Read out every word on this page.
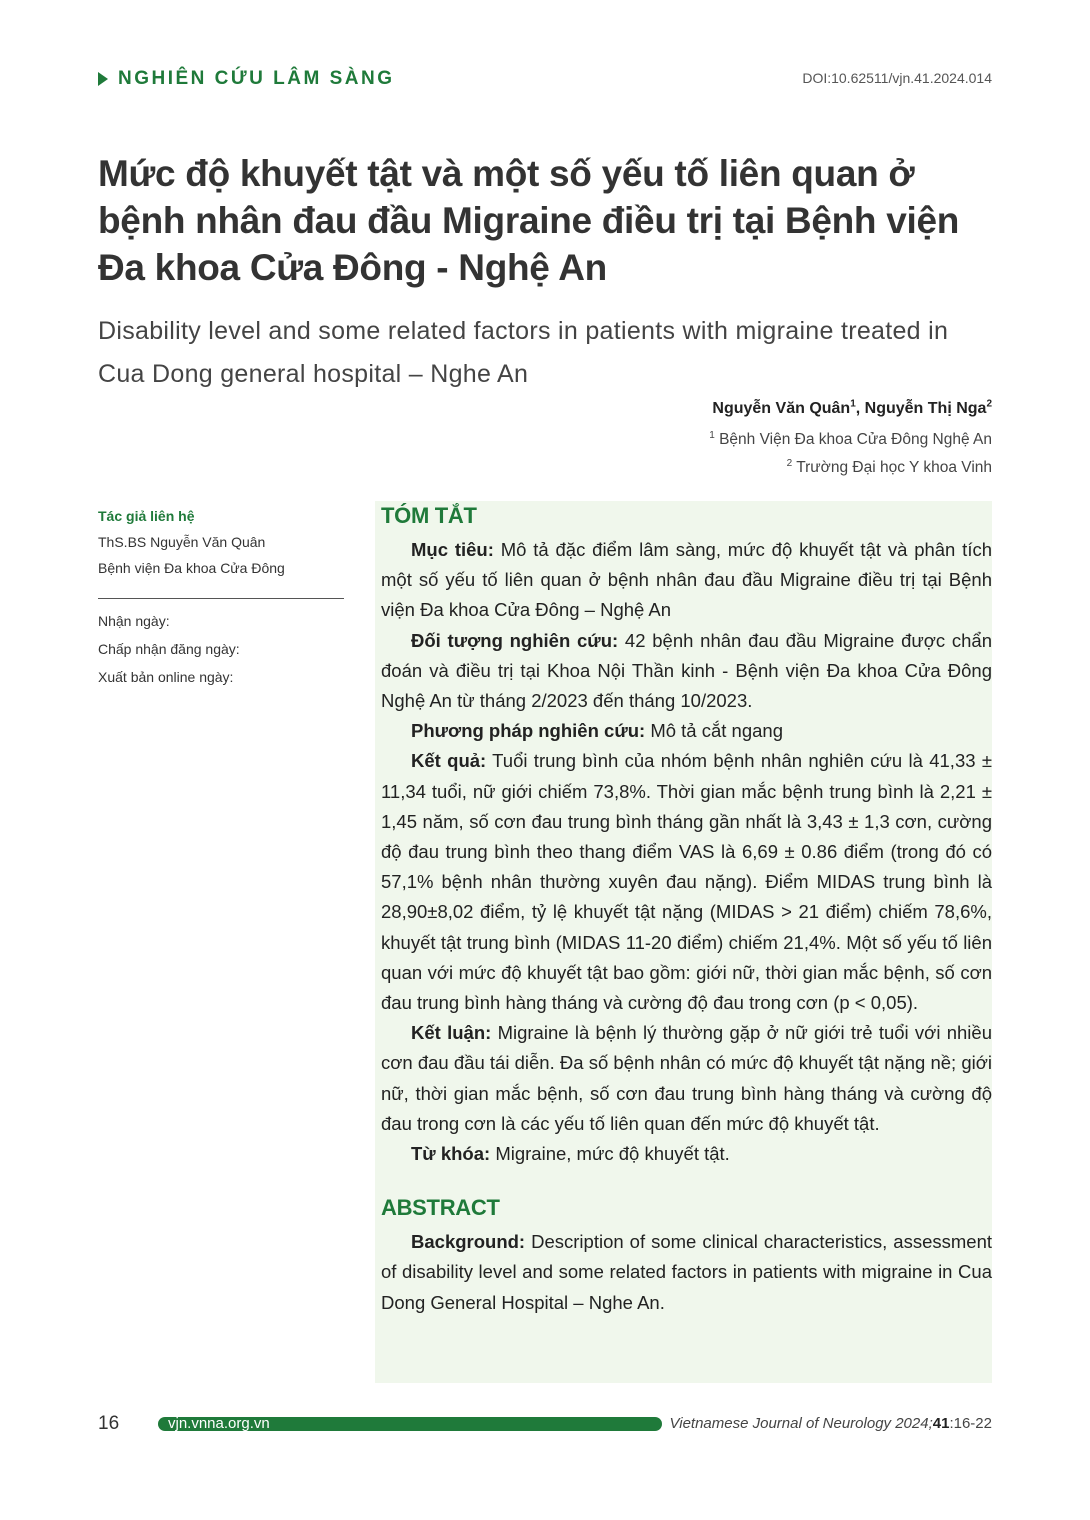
NGHIÊN CỨU LÂM SÀNG	DOI:10.62511/vjn.41.2024.014
Mức độ khuyết tật và một số yếu tố liên quan ở bệnh nhân đau đầu Migraine điều trị tại Bệnh viện Đa khoa Cửa Đông - Nghệ An
Disability level and some related factors in patients with migraine treated in Cua Dong general hospital – Nghe An
Nguyễn Văn Quân$^1$, Nguyễn Thị Nga$^2$
$^1$ Bệnh Viện Đa khoa Cửa Đông Nghệ An
$^2$ Trường Đại học Y khoa Vinh
Tác giả liên hệ
ThS.BS Nguyễn Văn Quân
Bệnh viện Đa khoa Cửa Đông
Nhận ngày:
Chấp nhận đăng ngày:
Xuất bản online ngày:
TÓM TẮT

Mục tiêu: Mô tả đặc điểm lâm sàng, mức độ khuyết tật và phân tích một số yếu tố liên quan ở bệnh nhân đau đầu Migraine điều trị tại Bệnh viện Đa khoa Cửa Đông – Nghệ An

Đối tượng nghiên cứu: 42 bệnh nhân đau đầu Migraine được chẩn đoán và điều trị tại Khoa Nội Thần kinh - Bệnh viện Đa khoa Cửa Đông Nghệ An từ tháng 2/2023 đến tháng 10/2023.

Phương pháp nghiên cứu: Mô tả cắt ngang

Kết quả: Tuổi trung bình của nhóm bệnh nhân nghiên cứu là 41,33 ± 11,34 tuổi, nữ giới chiếm 73,8%. Thời gian mắc bệnh trung bình là 2,21 ± 1,45 năm, số cơn đau trung bình tháng gần nhất là 3,43 ± 1,3 cơn, cường độ đau trung bình theo thang điểm VAS là 6,69 ± 0.86 điểm (trong đó có 57,1% bệnh nhân thường xuyên đau nặng). Điểm MIDAS trung bình là 28,90±8,02 điểm, tỷ lệ khuyết tật nặng (MIDAS > 21 điểm) chiếm 78,6%, khuyết tật trung bình (MIDAS 11-20 điểm) chiếm 21,4%. Một số yếu tố liên quan với mức độ khuyết tật bao gồm: giới nữ, thời gian mắc bệnh, số cơn đau trung bình hàng tháng và cường độ đau trong cơn (p < 0,05).

Kết luận: Migraine là bệnh lý thường gặp ở nữ giới trẻ tuổi với nhiều cơn đau đầu tái diễn. Đa số bệnh nhân có mức độ khuyết tật nặng nề; giới nữ, thời gian mắc bệnh, số cơn đau trung bình hàng tháng và cường độ đau trong cơn là các yếu tố liên quan đến mức độ khuyết tật.

Từ khóa: Migraine, mức độ khuyết tật.

ABSTRACT

Background: Description of some clinical characteristics, assessment of disability level and some related factors in patients with migraine in Cua Dong General Hospital – Nghe An.

16	vjn.vnna.org.vn	Vietnamese Journal of Neurology 2024;41:16-22
